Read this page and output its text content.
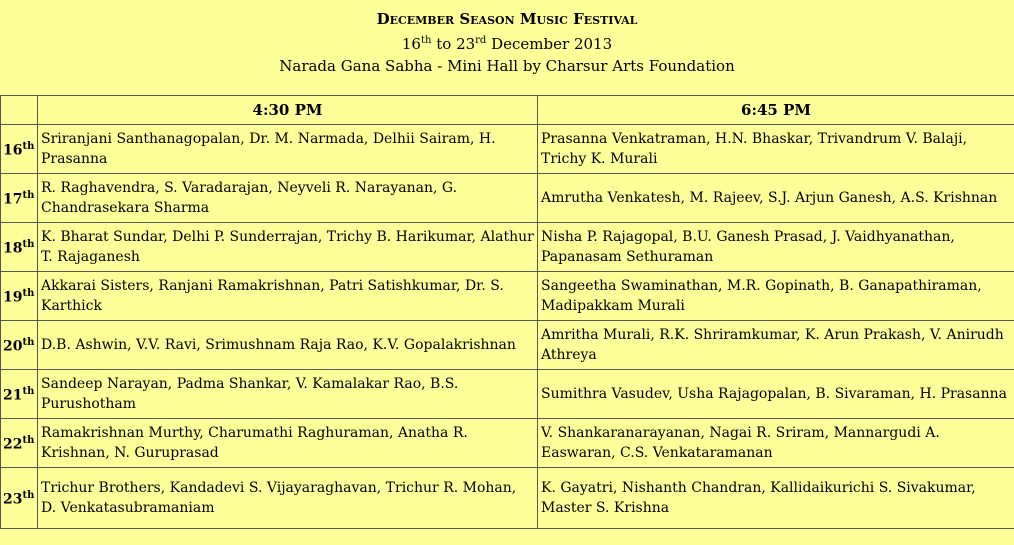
December Season Music Festival
16th to 23rd December 2013
Narada Gana Sabha - Mini Hall by Charsur Arts Foundation
	4:30 PM	6:45 PM
16th	Sriranjani Santhanagopalan, Dr. M. Narmada, Delhii Sairam, H. Prasanna	Prasanna Venkatraman, H.N. Bhaskar, Trivandrum V. Balaji, Trichy K. Murali
17th	R. Raghavendra, S. Varadarajan, Neyveli R. Narayanan, G. Chandrasekara Sharma	Amrutha Venkatesh, M. Rajeev, S.J. Arjun Ganesh, A.S. Krishnan
18th	K. Bharat Sundar, Delhi P. Sunderrajan, Trichy B. Harikumar, Alathur T. Rajaganesh	Nisha P. Rajagopal, B.U. Ganesh Prasad, J. Vaidhyanathan, Papanasam Sethuraman
19th	Akkarai Sisters, Ranjani Ramakrishnan, Patri Satishkumar, Dr. S. Karthick	Sangeetha Swaminathan, M.R. Gopinath, B. Ganapathiraman, Madipakkam Murali
20th	D.B. Ashwin, V.V. Ravi, Srimushnam Raja Rao, K.V. Gopalakrishnan	Amritha Murali, R.K. Shriramkumar, K. Arun Prakash, V. Anirudh Athreya
21th	Sandeep Narayan, Padma Shankar, V. Kamalakar Rao, B.S. Purushotham	Sumithra Vasudev, Usha Rajagopalan, B. Sivaraman, H. Prasanna
22th	Ramakrishnan Murthy, Charumathi Raghuraman, Anatha R. Krishnan, N. Guruprasad	V. Shankaranarayanan, Nagai R. Sriram, Mannargudi A. Easwaran, C.S. Venkataramanan
23th	Trichur Brothers, Kandadevi S. Vijayaraghavan, Trichur R. Mohan, D. Venkatasubramaniam	K. Gayatri, Nishanth Chandran, Kallidaikurichi S. Sivakumar, Master S. Krishna
